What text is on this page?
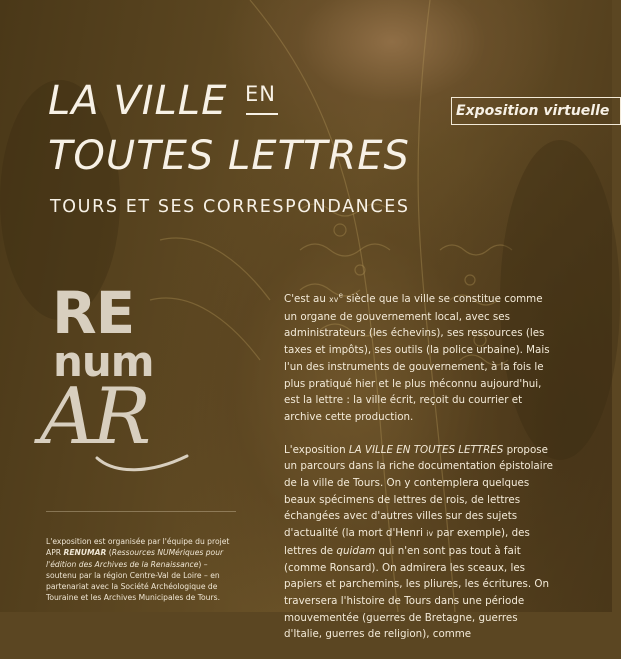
LA VILLE EN
TOUTES LETTRES
TOURS ET SES CORRESPONDANCES
Exposition virtuelle
RE
num
AR
L'exposition est organisée par l'équipe du projet APR RENUMAR (Ressources NUMériques pour l'édition des Archives de la Renaissance) – soutenu par la région Centre-Val de Loire – en partenariat avec la Société Archéologique de Touraine et les Archives Municipales de Tours.

C'est au $xv^e$ siècle que la ville se constitue comme un organe de gouvernement local, avec ses administrateurs (les échevins), ses ressources (les taxes et impôts), ses outils (la police urbaine). Mais l'un des instruments de gouvernement, à la fois le plus pratiqué hier et le plus méconnu aujourd'hui, est la lettre : la ville écrit, reçoit du courrier et archive cette production.

L'exposition LA VILLE EN TOUTES LETTRES propose un parcours dans la riche documentation épistolaire de la ville de Tours. On y contemplera quelques beaux spécimens de lettres de rois, de lettres échangées avec d'autres villes sur des sujets d'actualité (la mort d'Henri iv par exemple), des lettres de quidam qui n'en sont pas tout à fait (comme Ronsard). On admirera les sceaux, les papiers et parchemins, les pliures, les écritures. On traversera l'histoire de Tours dans une période mouvementée (guerres de Bretagne, guerres d'Italie, guerres de religion), comme
